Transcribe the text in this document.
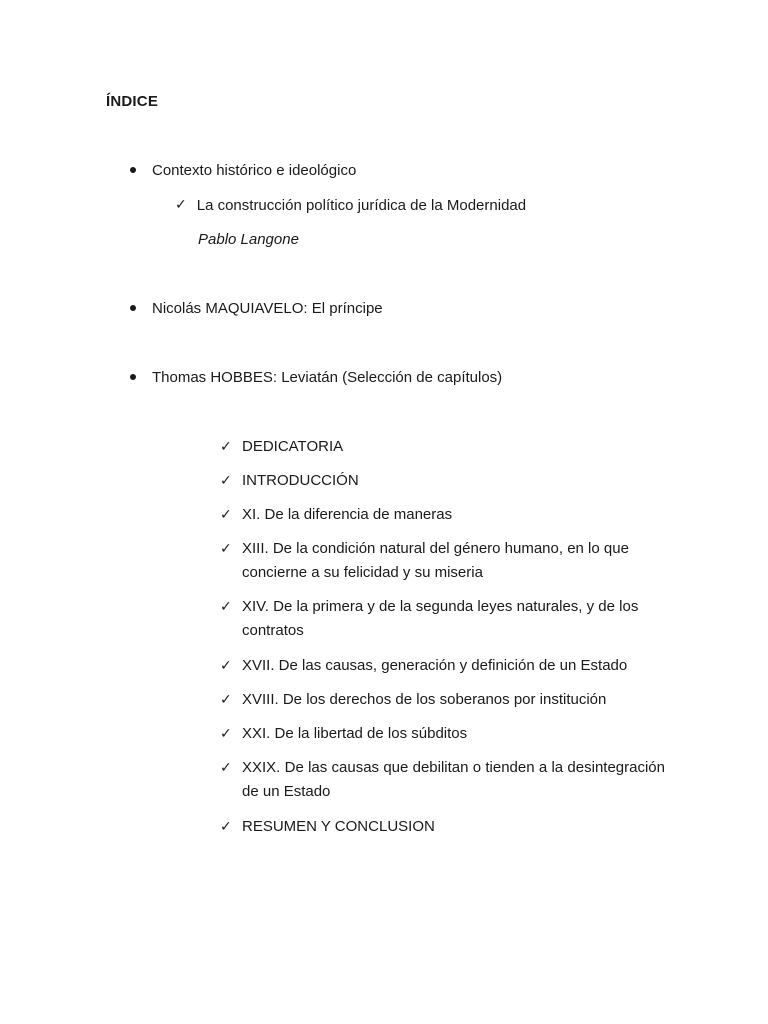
ÍNDICE
Contexto histórico e ideológico
✓ La construcción político jurídica de la Modernidad
Pablo Langone
Nicolás MAQUIAVELO: El príncipe
Thomas HOBBES: Leviatán (Selección de capítulos)
✓ DEDICATORIA
✓ INTRODUCCIÓN
✓ XI. De la diferencia de maneras
✓ XIII. De la condición natural del género humano, en lo que concierne a su felicidad y su miseria
✓ XIV. De la primera y de la segunda leyes naturales, y de los contratos
✓ XVII. De las causas, generación y definición de un Estado
✓ XVIII. De los derechos de los soberanos por institución
✓ XXI. De la libertad de los súbditos
✓ XXIX. De las causas que debilitan o tienden a la desintegración de un Estado
✓ RESUMEN Y CONCLUSION
